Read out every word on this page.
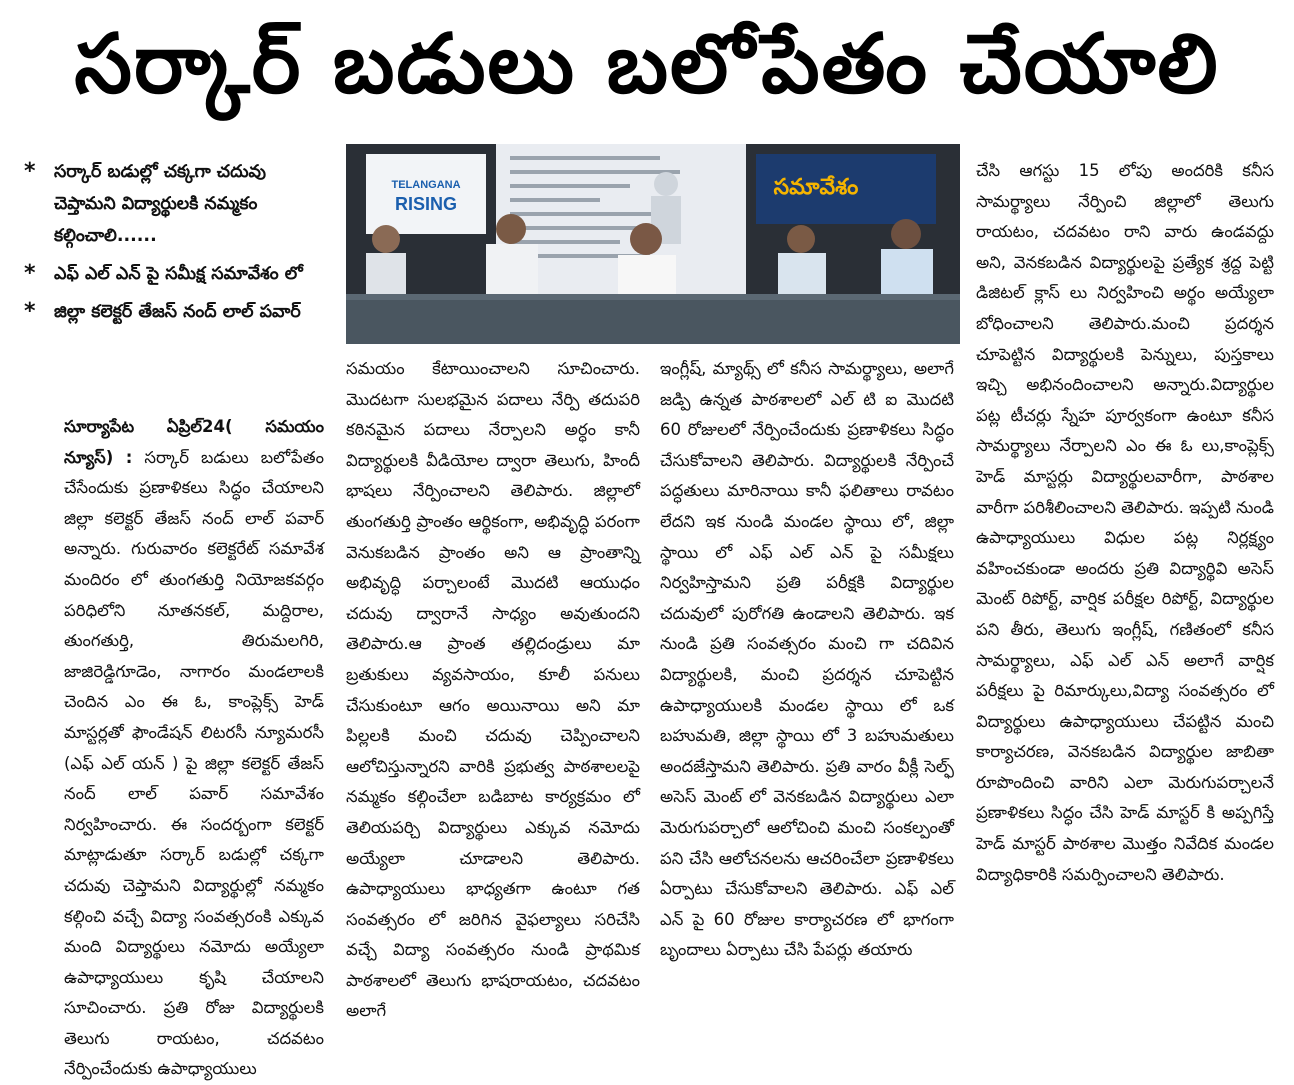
సర్కార్ బడులు బలోపేతం చేయాలి
*	సర్కార్ బడుల్లో చక్కగా చదువు చెప్తామని విద్యార్థులకి నమ్మకం కల్గించాలి......
*	ఎఫ్ ఎల్ ఎన్ పై సమీక్ష సమావేశం లో
*	జిల్లా కలెక్టర్ తేజస్ నంద్ లాల్ పవార్
TELANGANA
RISING
సమావేశం

సూర్యాపేట ఏప్రిల్24( సమయం న్యూస్) : సర్కార్ బడులు బలోపేతం చేసేందుకు ప్రణాళికలు సిద్ధం చేయాలని జిల్లా కలెక్టర్ తేజస్ నంద్ లాల్ పవార్ అన్నారు. గురువారం కలెక్టరేట్ సమావేశ మందిరం లో తుంగతుర్తి నియోజకవర్గం పరిధిలోని నూతనకల్, మద్దిరాల, తుంగతుర్తి, తిరుమలగిరి, జాజిరెడ్డిగూడెం, నాగారం మండలాలకి చెందిన ఎం ఈ ఓ, కాంప్లెక్స్ హెడ్ మాస్టర్లతో ఫౌండేషన్ లిటరసీ న్యూమరసీ (ఎఫ్ ఎల్ యన్ ) పై జిల్లా కలెక్టర్ తేజస్ నంద్ లాల్ పవార్ సమావేశం నిర్వహించారు. ఈ సందర్బంగా కలెక్టర్ మాట్లాడుతూ సర్కార్ బడుల్లో చక్కగా చదువు చెప్తామని విద్యార్థుల్లో నమ్మకం కల్గించి వచ్చే విద్యా సంవత్సరంకి ఎక్కువ మంది విద్యార్థులు నమోదు అయ్యేలా ఉపాధ్యాయులు కృషి చేయాలని సూచించారు. ప్రతి రోజు విద్యార్థులకి తెలుగు రాయటం, చదవటం నేర్పించేందుకు ఉపాధ్యాయులు

సమయం కేటాయించాలని సూచించారు. మొదటగా సులభమైన పదాలు నేర్పి తదుపరి కఠినమైన పదాలు నేర్పాలని అర్ధం కానీ విద్యార్థులకి వీడియోల ద్వారా తెలుగు, హిందీ భాషలు నేర్పించాలని తెలిపారు. జిల్లాలో తుంగతుర్తి ప్రాంతం ఆర్థికంగా, అభివృద్ధి పరంగా వెనుకబడిన ప్రాంతం అని ఆ ప్రాంతాన్ని అభివృద్ధి పర్చాలంటే మొదటి ఆయుధం చదువు ద్వారానే సాధ్యం అవుతుందని తెలిపారు.ఆ ప్రాంత తల్లిదండ్రులు మా బ్రతుకులు వ్యవసాయం, కూలీ పనులు చేసుకుంటూ ఆగం అయినాయి అని మా పిల్లలకి మంచి చదువు చెప్పించాలని ఆలోచిస్తున్నారని వారికి ప్రభుత్వ పాఠశాలలపై నమ్మకం కల్గించేలా బడిబాట కార్యక్రమం లో తెలియపర్చి విద్యార్థులు ఎక్కువ నమోదు అయ్యేలా చూడాలని తెలిపారు. ఉపాధ్యాయులు భాధ్యతగా ఉంటూ గత సంవత్సరం లో జరిగిన వైఫల్యాలు సరిచేసి వచ్చే విద్యా సంవత్సరం నుండి ప్రాథమిక పాఠశాలలో తెలుగు భాషరాయటం, చదవటం అలాగే

ఇంగ్లీష్, మ్యాథ్స్ లో కనీస సామర్థ్యాలు, అలాగే జడ్పి ఉన్నత పాఠశాలలో ఎల్ టి ఐ మొదటి 60 రోజులలో నేర్పించేందుకు ప్రణాళికలు సిద్ధం చేసుకోవాలని తెలిపారు. విద్యార్థులకి నేర్పించే పద్ధతులు మారినాయి కానీ ఫలితాలు రావటం లేదని ఇక నుండి మండల స్థాయి లో, జిల్లా స్థాయి లో ఎఫ్ ఎల్ ఎన్ పై సమీక్షలు నిర్వహిస్తామని ప్రతి పరీక్షకి విద్యార్థుల చదువులో పురోగతి ఉండాలని తెలిపారు. ఇక నుండి ప్రతి సంవత్సరం మంచి గా చదివిన విద్యార్థులకి, మంచి ప్రదర్శన చూపెట్టిన ఉపాధ్యాయులకి మండల స్థాయి లో ఒక బహుమతి, జిల్లా స్థాయి లో 3 బహుమతులు అందజేస్తామని తెలిపారు. ప్రతి వారం వీక్లీ సెల్ఫ్ అసెస్ మెంట్ లో వెనకబడిన విద్యార్థులు ఎలా మెరుగుపర్చాలో ఆలోచించి మంచి సంకల్పంతో పని చేసి ఆలోచనలను ఆచరించేలా ప్రణాళికలు ఏర్పాటు చేసుకోవాలని తెలిపారు. ఎఫ్ ఎల్ ఎన్ పై 60 రోజుల కార్యాచరణ లో భాగంగా బృందాలు ఏర్పాటు చేసి పేపర్లు తయారు

చేసి ఆగస్టు 15 లోపు అందరికి కనీస సామర్థ్యాలు నేర్పించి జిల్లాలో తెలుగు రాయటం, చదవటం రాని వారు ఉండవద్దు అని, వెనకబడిన విద్యార్థులపై ప్రత్యేక శ్రద్ద పెట్టి డిజిటల్ క్లాస్ లు నిర్వహించి అర్థం అయ్యేలా బోధించాలని తెలిపారు.మంచి ప్రదర్శన చూపెట్టిన విద్యార్థులకి పెన్నులు, పుస్తకాలు ఇచ్చి అభినందించాలని అన్నారు.విద్యార్థుల పట్ల టీచర్లు స్నేహ పూర్వకంగా ఉంటూ కనీస సామర్థ్యాలు నేర్పాలని ఎం ఈ ఓ లు,కాంప్లెక్స్ హెడ్ మాస్టర్లు విద్యార్థులవారీగా, పాఠశాల వారీగా పరిశీలించాలని తెలిపారు. ఇప్పటి నుండి ఉపాధ్యాయులు విధుల పట్ల నిర్లక్ష్యం వహించకుండా అందరు ప్రతి విద్యార్థివి అసెస్ మెంట్ రిపోర్ట్, వార్షిక పరీక్షల రిపోర్ట్, విద్యార్థుల పని తీరు, తెలుగు ఇంగ్లీష్, గణితంలో కనీస సామర్థ్యాలు, ఎఫ్ ఎల్ ఎన్ అలాగే వార్షిక పరీక్షలు పై రిమార్కులు,విద్యా సంవత్సరం లో విద్యార్థులు ఉపాధ్యాయులు చేపట్టిన మంచి కార్యాచరణ, వెనకబడిన విద్యార్థుల జాబితా రూపొందించి వారిని ఎలా మెరుగుపర్చాలనే ప్రణాళికలు సిద్ధం చేసి హెడ్ మాస్టర్ కి అప్పగిస్తే హెడ్ మాస్టర్ పాఠశాల మొత్తం నివేదిక మండల విద్యాధికారికి సమర్పించాలని తెలిపారు.
